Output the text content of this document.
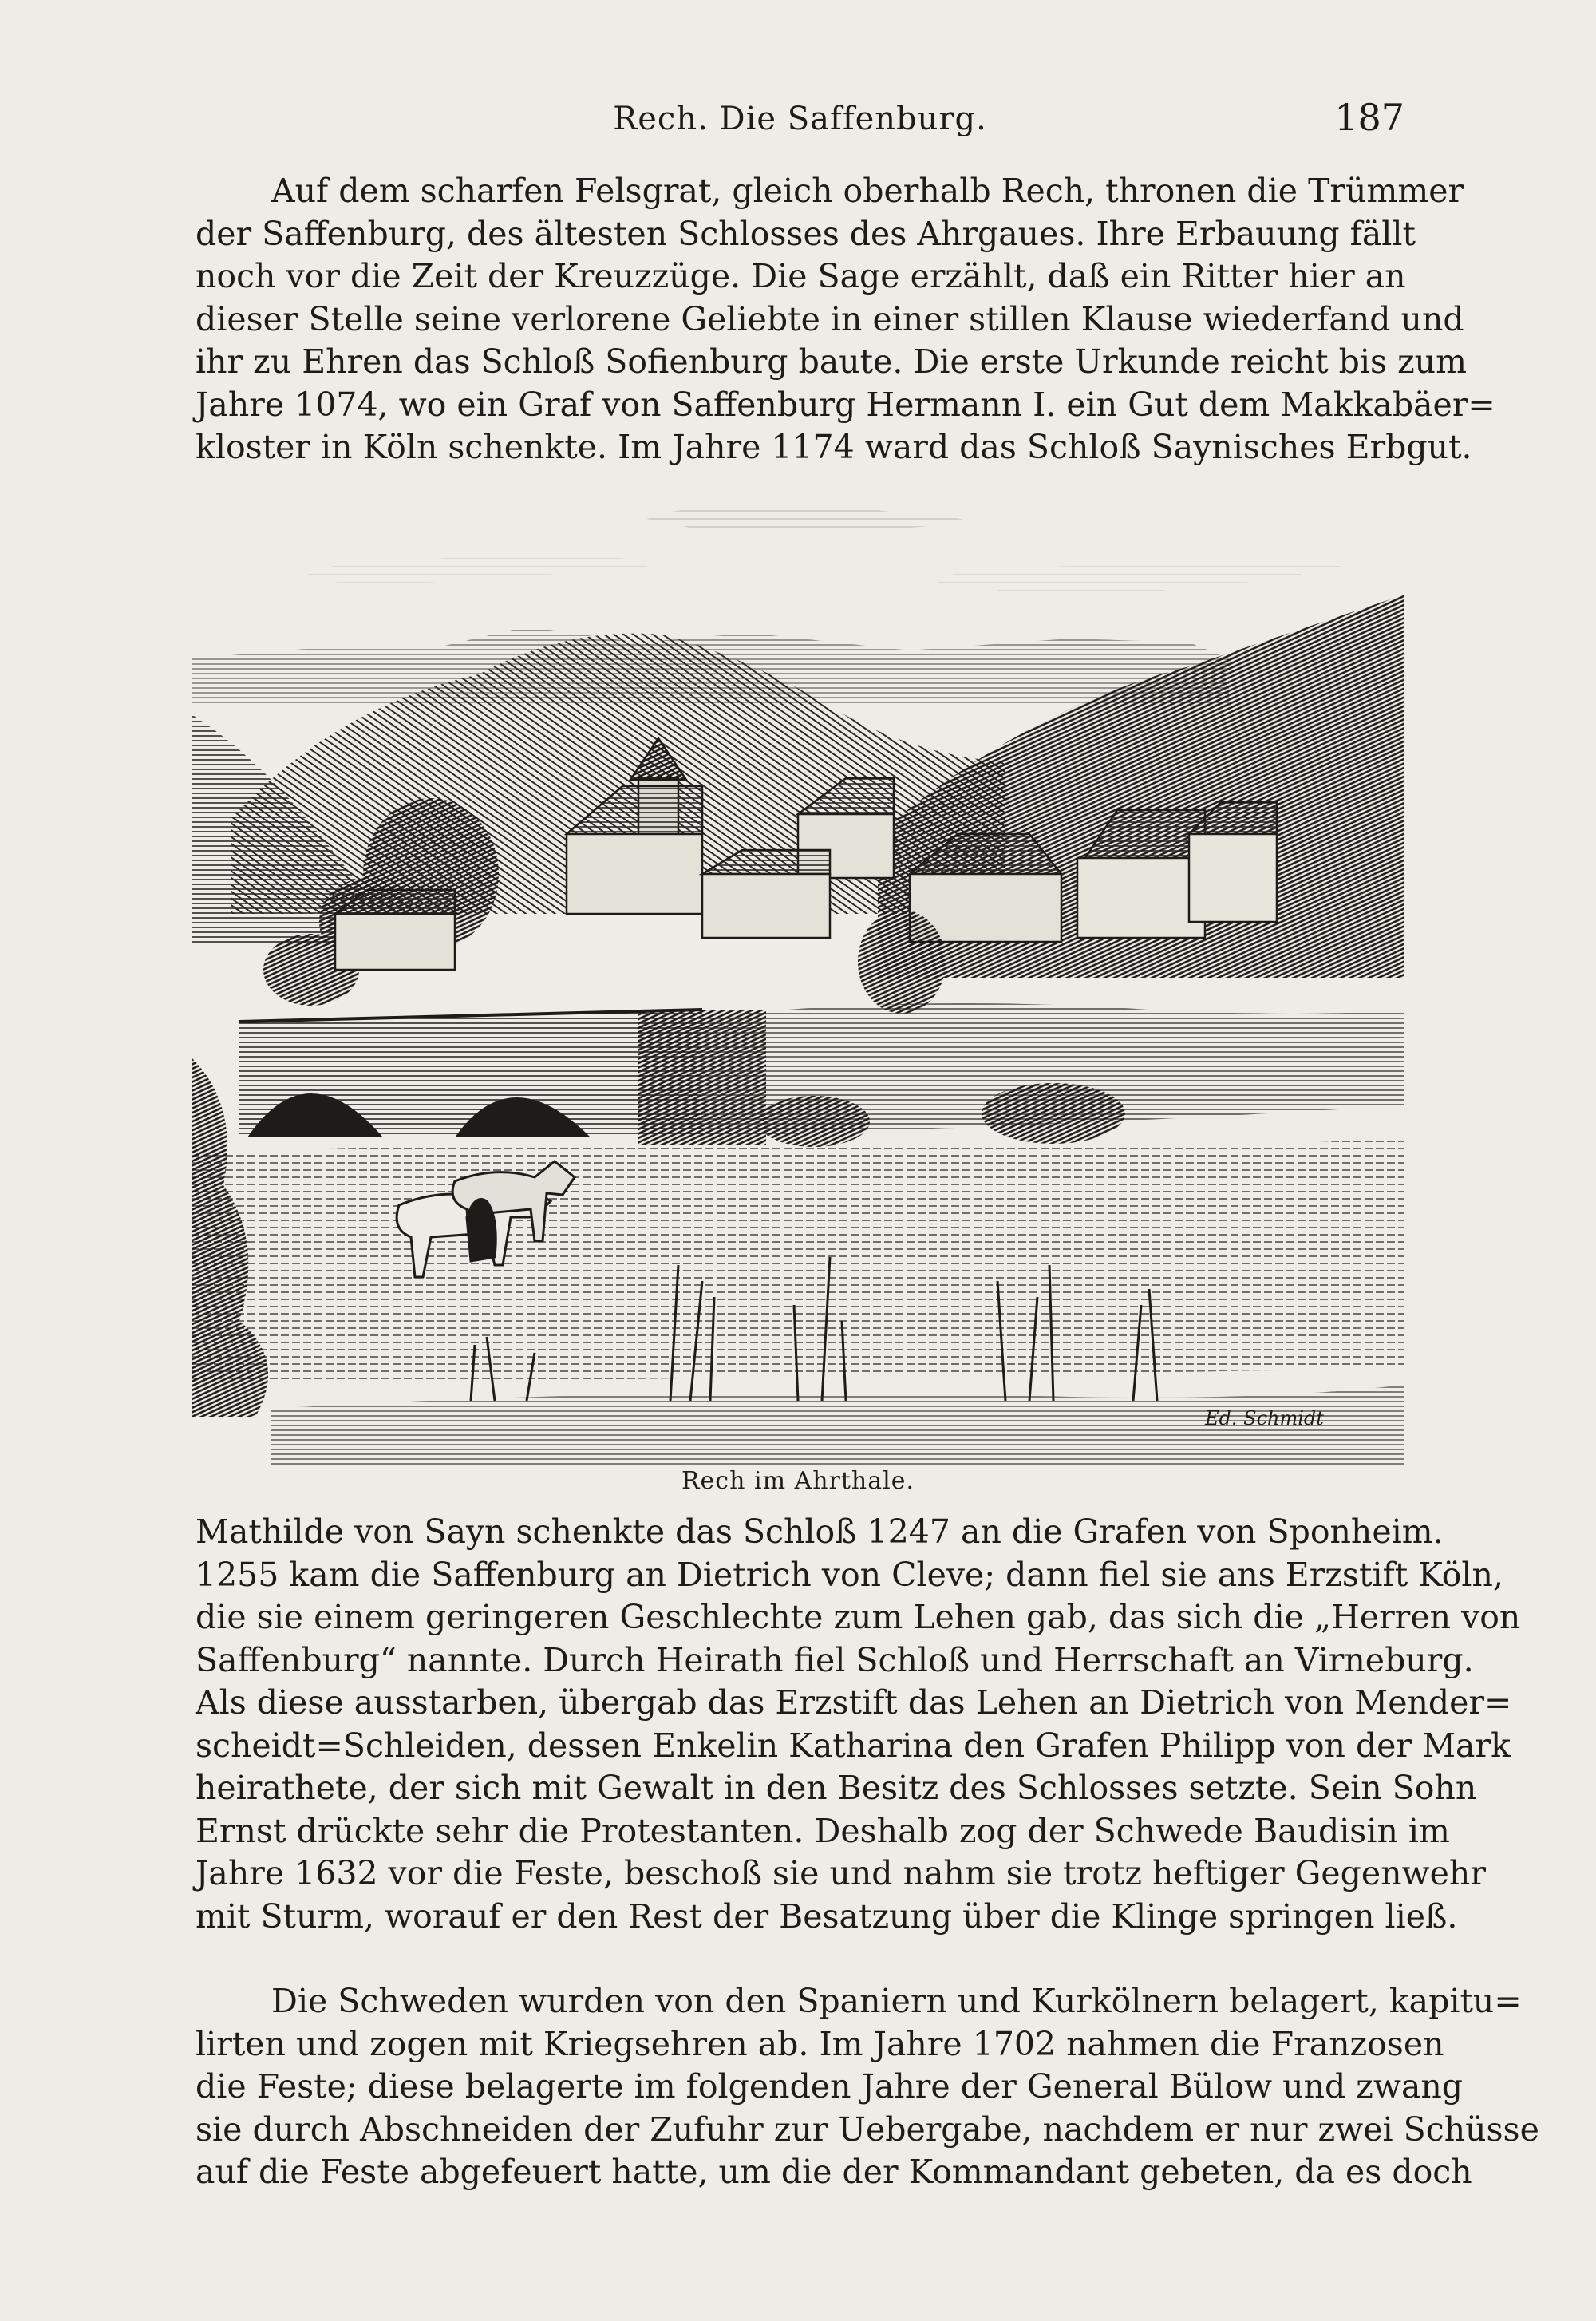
Rech. Die Saffenburg.	187

Auf dem scharfen Felsgrat, gleich oberhalb Rech, thronen die Trümmer
der Saffenburg, des ältesten Schlosses des Ahrgaues. Ihre Erbauung fällt
noch vor die Zeit der Kreuzzüge. Die Sage erzählt, daß ein Ritter hier an
dieser Stelle seine verlorene Geliebte in einer stillen Klause wiederfand und
ihr zu Ehren das Schloß Sofienburg baute. Die erste Urkunde reicht bis zum
Jahre 1074, wo ein Graf von Saffenburg Hermann I. ein Gut dem Makkabäer=
kloster in Köln schenkte. Im Jahre 1174 ward das Schloß Saynisches Erbgut.

Ed. Schmidt
Rech im Ahrthale.

Mathilde von Sayn schenkte das Schloß 1247 an die Grafen von Sponheim.
1255 kam die Saffenburg an Dietrich von Cleve; dann fiel sie ans Erzstift Köln,
die sie einem geringeren Geschlechte zum Lehen gab, das sich die „Herren von
Saffenburg“ nannte. Durch Heirath fiel Schloß und Herrschaft an Virneburg.
Als diese ausstarben, übergab das Erzstift das Lehen an Dietrich von Mender=
scheidt=Schleiden, dessen Enkelin Katharina den Grafen Philipp von der Mark
heirathete, der sich mit Gewalt in den Besitz des Schlosses setzte. Sein Sohn
Ernst drückte sehr die Protestanten. Deshalb zog der Schwede Baudisin im
Jahre 1632 vor die Feste, beschoß sie und nahm sie trotz heftiger Gegenwehr
mit Sturm, worauf er den Rest der Besatzung über die Klinge springen ließ.

Die Schweden wurden von den Spaniern und Kurkölnern belagert, kapitu=
lirten und zogen mit Kriegsehren ab. Im Jahre 1702 nahmen die Franzosen
die Feste; diese belagerte im folgenden Jahre der General Bülow und zwang
sie durch Abschneiden der Zufuhr zur Uebergabe, nachdem er nur zwei Schüsse
auf die Feste abgefeuert hatte, um die der Kommandant gebeten, da es doch
